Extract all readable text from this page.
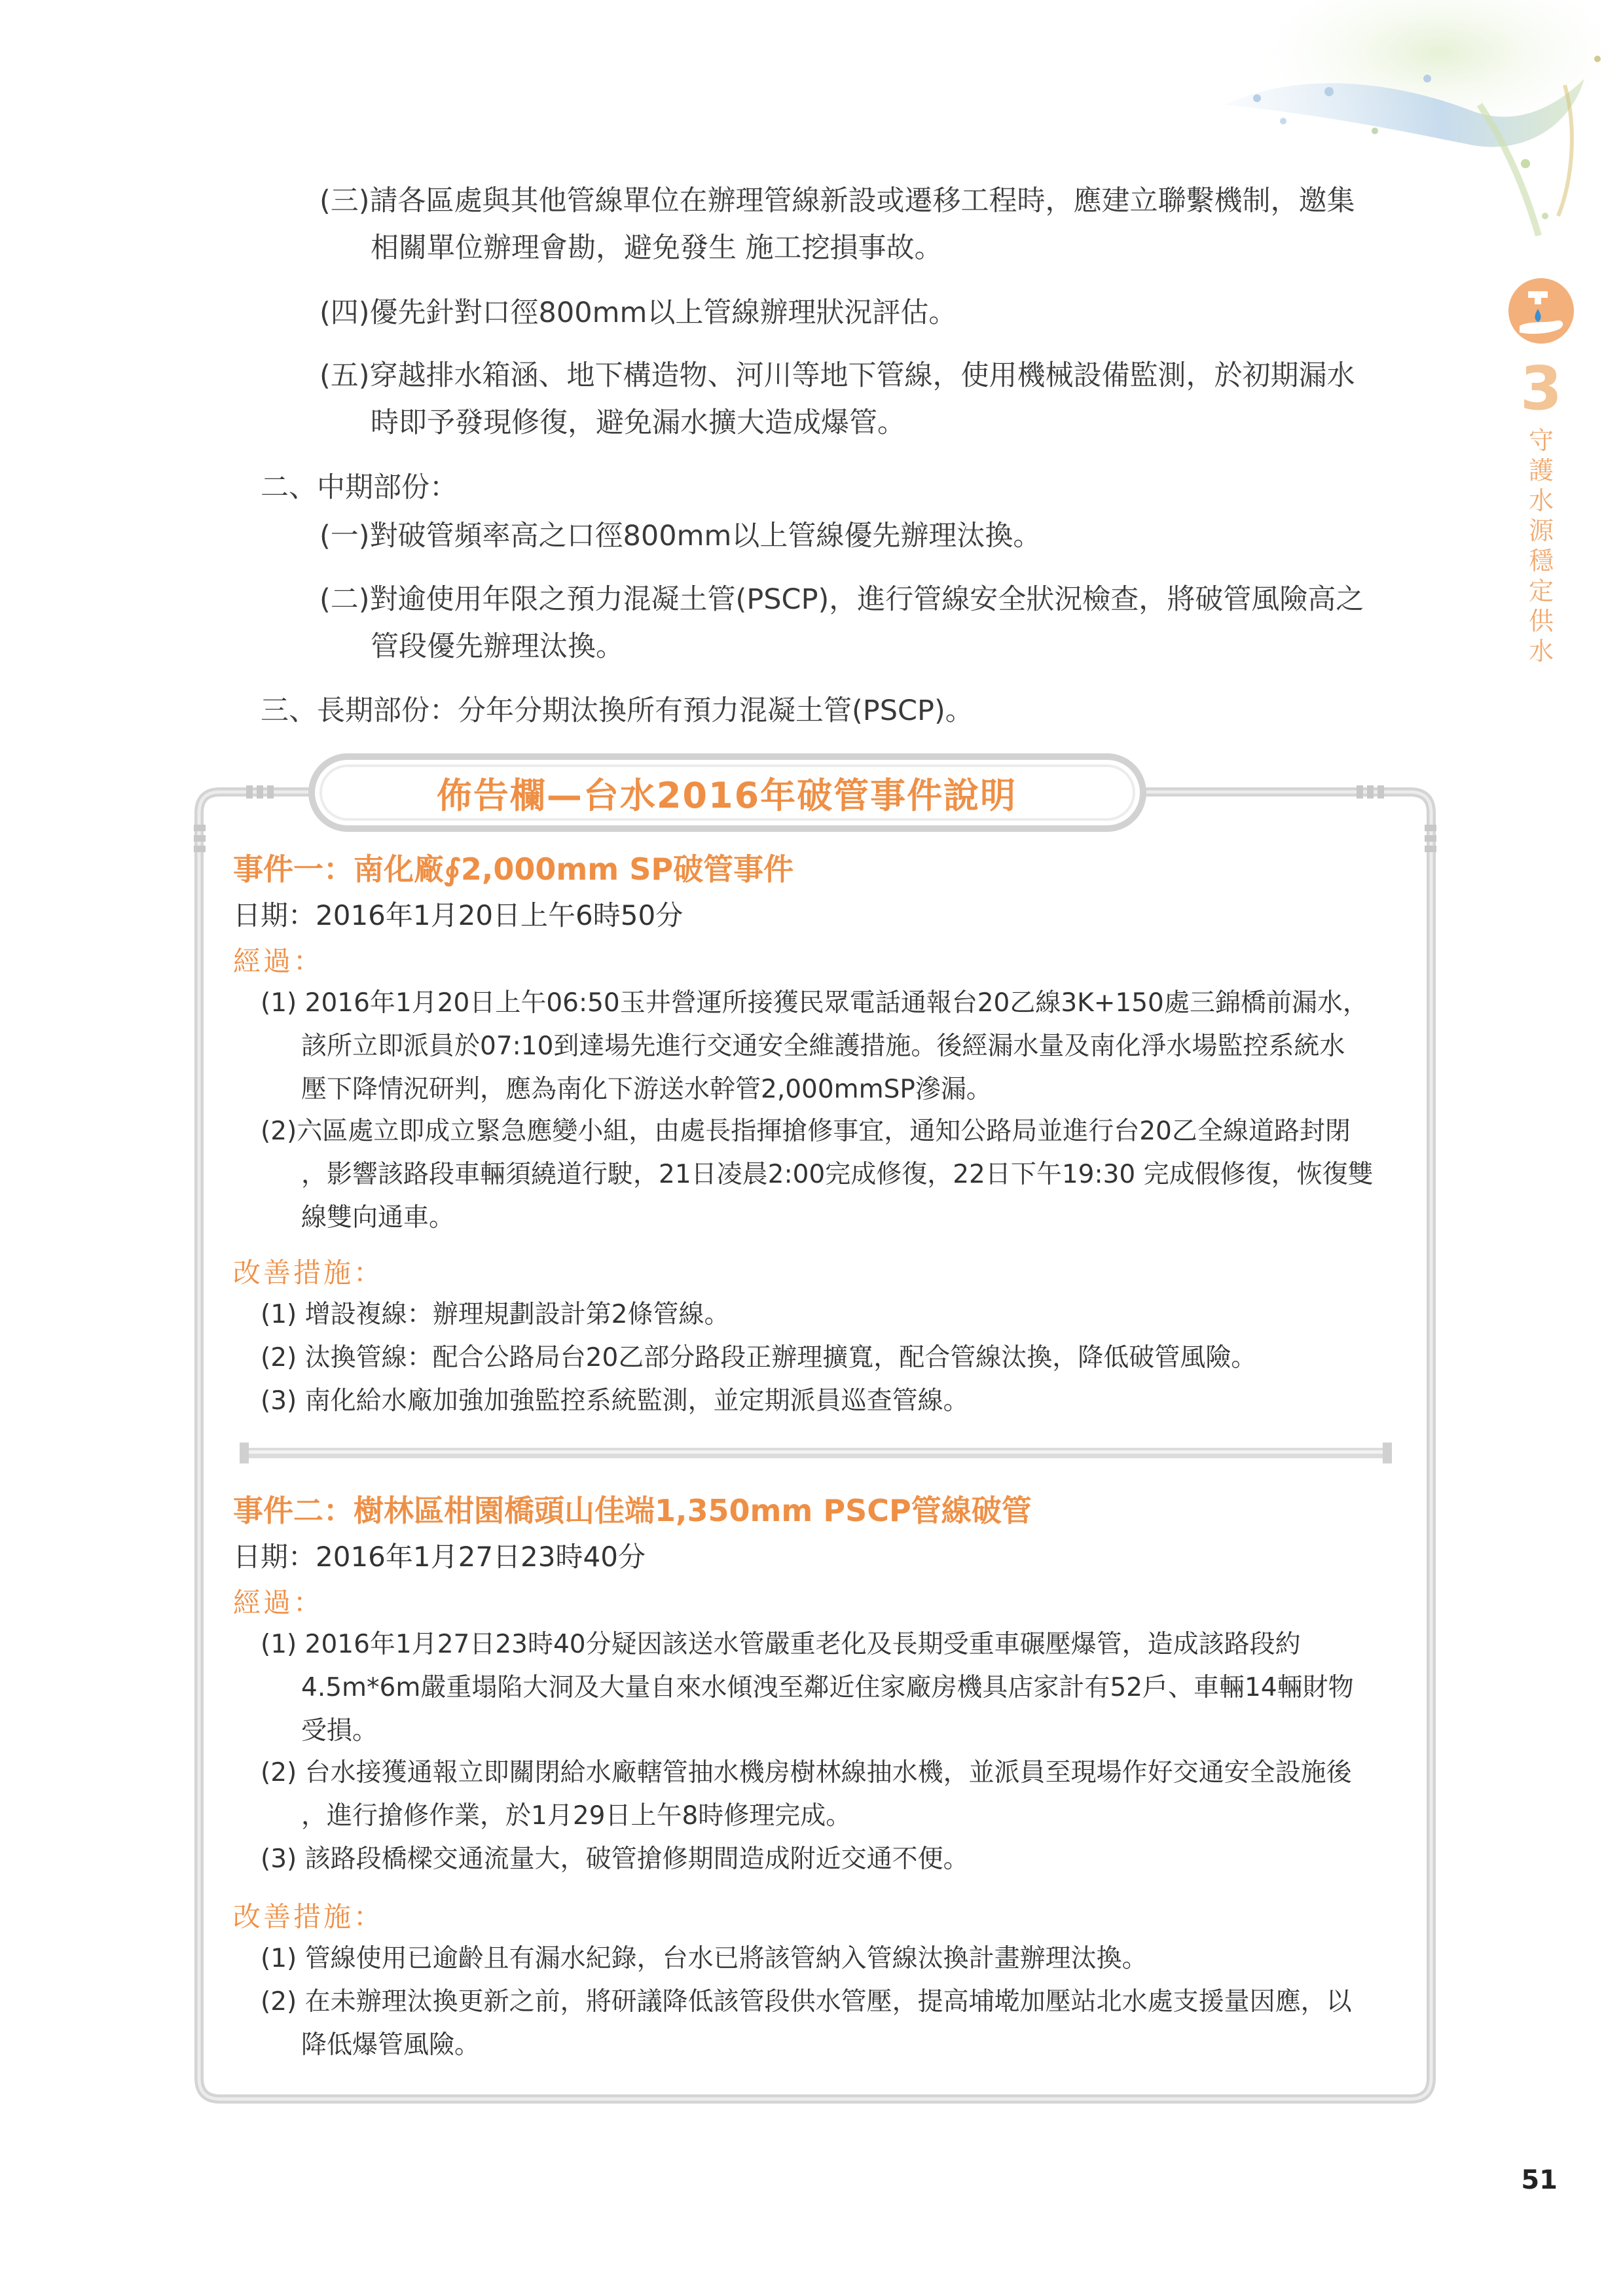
3
守
護
水
源
穩
定
供
水
(三)請各區處與其他管線單位在辦理管線新設或遷移工程時，應建立聯繫機制，邀集
相關單位辦理會勘，避免發生 施工挖損事故。
(四)優先針對口徑800mm以上管線辦理狀況評估。
(五)穿越排水箱涵、地下構造物、河川等地下管線，使用機械設備監測，於初期漏水
時即予發現修復，避免漏水擴大造成爆管。
二、中期部份：
(一)對破管頻率高之口徑800mm以上管線優先辦理汰換。
(二)對逾使用年限之預力混凝土管(PSCP)，進行管線安全狀況檢查，將破管風險高之
管段優先辦理汰換。
三、長期部份：分年分期汰換所有預力混凝土管(PSCP)。
佈告欄—台水2016年破管事件說明
事件一：南化廠∮2,000mm SP破管事件
日期：2016年1月20日上午6時50分
經過：
(1) 2016年1月20日上午06:50玉井營運所接獲民眾電話通報台20乙線3K+150處三錦橋前漏水，
該所立即派員於07:10到達場先進行交通安全維護措施。後經漏水量及南化淨水場監控系統水
壓下降情況研判，應為南化下游送水幹管2,000mmSP滲漏。
(2)六區處立即成立緊急應變小組，由處長指揮搶修事宜，通知公路局並進行台20乙全線道路封閉
，影響該路段車輛須繞道行駛，21日凌晨2:00完成修復，22日下午19:30 完成假修復，恢復雙
線雙向通車。
改善措施：
(1) 增設複線：辦理規劃設計第2條管線。
(2) 汰換管線：配合公路局台20乙部分路段正辦理擴寬，配合管線汰換，降低破管風險。
(3) 南化給水廠加強加強監控系統監測，並定期派員巡查管線。
事件二：樹林區柑園橋頭山佳端1,350mm PSCP管線破管
日期：2016年1月27日23時40分
經過：
(1) 2016年1月27日23時40分疑因該送水管嚴重老化及長期受重車碾壓爆管，造成該路段約
4.5m*6m嚴重塌陷大洞及大量自來水傾洩至鄰近住家廠房機具店家計有52戶、車輛14輛財物
受損。
(2) 台水接獲通報立即關閉給水廠轄管抽水機房樹林線抽水機，並派員至現場作好交通安全設施後
，進行搶修作業，於1月29日上午8時修理完成。
(3) 該路段橋樑交通流量大，破管搶修期間造成附近交通不便。
改善措施：
(1) 管線使用已逾齡且有漏水紀錄，台水已將該管納入管線汰換計畫辦理汰換。
(2) 在未辦理汰換更新之前，將研議降低該管段供水管壓，提高埔墘加壓站北水處支援量因應，以
降低爆管風險。
51
